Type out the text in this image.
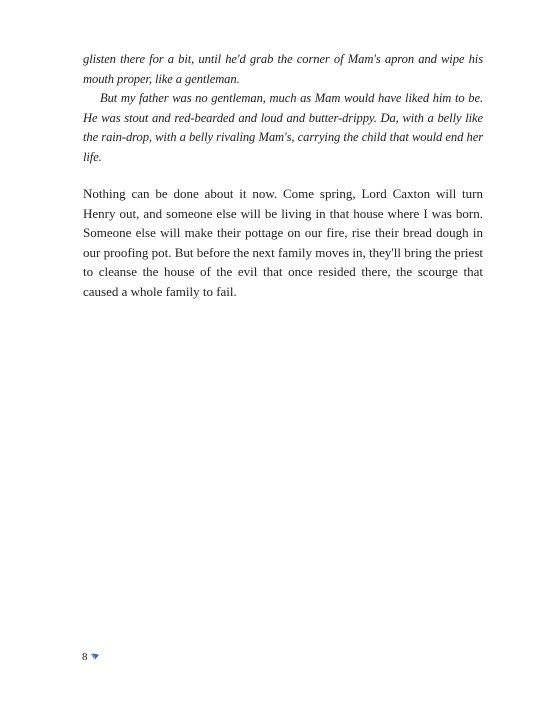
glisten there for a bit, until he'd grab the corner of Mam's apron and wipe his mouth proper, like a gentleman.

But my father was no gentleman, much as Mam would have liked him to be. He was stout and red-bearded and loud and butter-drippy. Da, with a belly like the rain-drop, with a belly rivaling Mam's, carrying the child that would end her life.

Nothing can be done about it now. Come spring, Lord Caxton will turn Henry out, and someone else will be living in that house where I was born. Someone else will make their pottage on our fire, rise their bread dough in our proofing pot. But before the next family moves in, they'll bring the priest to cleanse the house of the evil that once resided there, the scourge that caused a whole family to fail.

8
